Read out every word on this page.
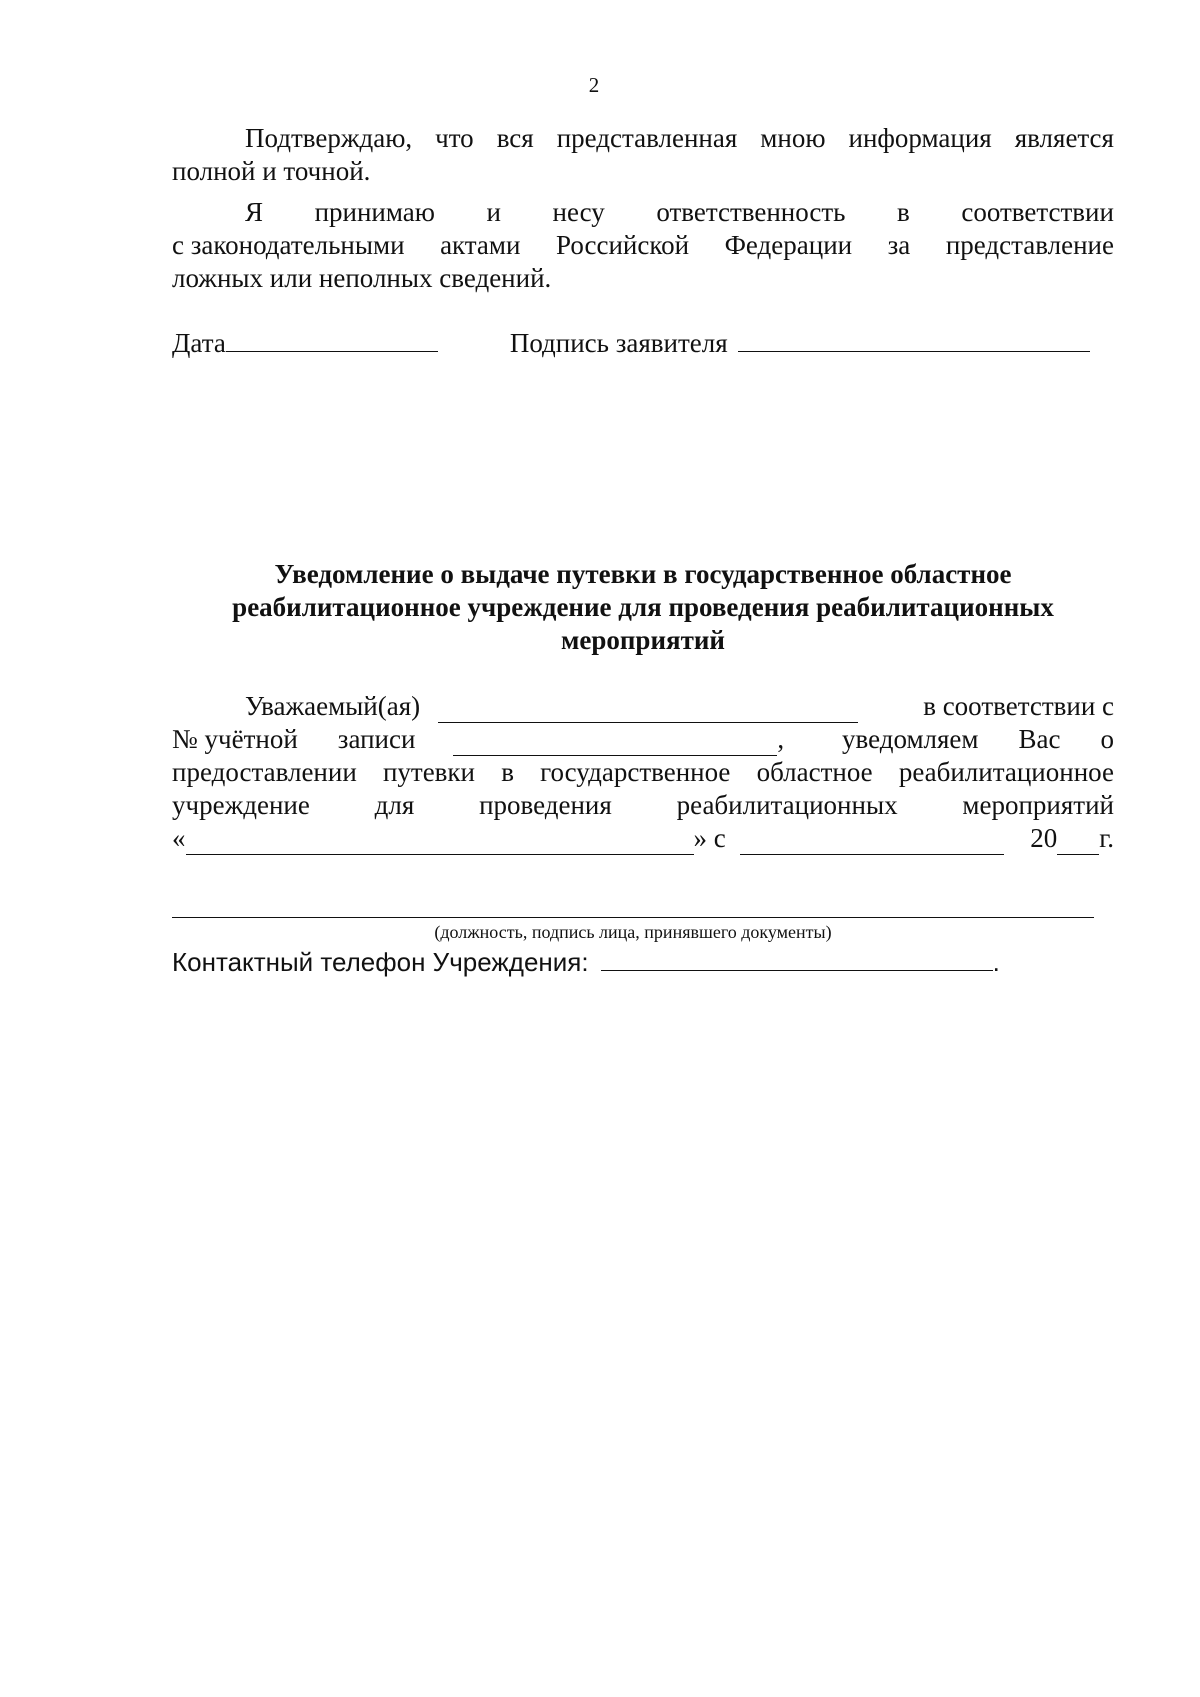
2
Подтверждаю, что вся представленная мною информация является
полной и точной.
Я принимаю и несу ответственность в соответствии
с законодательными актами Российской Федерации за представление
ложных или неполных сведений.
Дата	Подпись заявителя
Уведомление о выдаче путевки в государственное областное
реабилитационное учреждение для проведения реабилитационных
мероприятий
Уважаемый(ая)	в соответствии с
№ учётной записи	, уведомляем Вас о
предоставлении путевки в государственное областное реабилитационное
учреждение для проведения реабилитационных мероприятий
«	» с	20 г.
(должность, подпись лица, принявшего документы)
Контактный телефон Учреждения:	.
